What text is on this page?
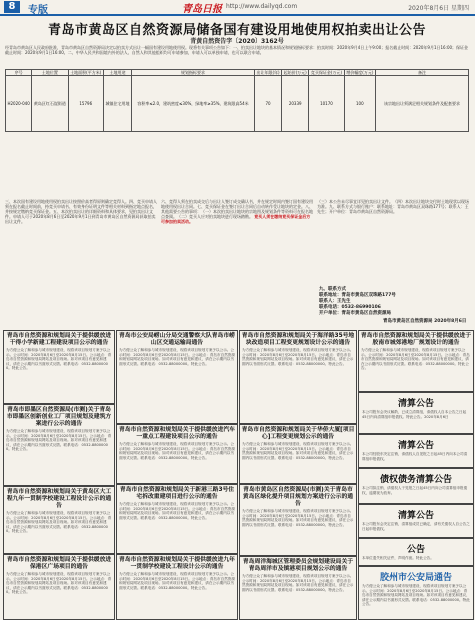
8	专版	青岛日报 http://www.dailyqd.com	2020年8月6日 星期四
青岛市黄岛区自然资源局储备国有建设用地使用权拍卖出让公告
青黄自然资告字〔2020〕3162号
经青岛市黄岛区人民政府批准，青岛市黄岛区自然资源局决定以拍卖方式出让一幅国有建设用地使用权。现将有关事项公告如下：一、拍卖出让地块的基本情况和规划指标要求：拍卖时间：2020年9月4日上午9:00；报名截止时间：2020年9月1日16:00；保证金截止时间：2020年9月1日16:00。二、中华人民共和国境内外的法人、自然人和其他组织均可申请参加，申请人可以单独申请，也可以联合申请。
序号	土地位置	土地面积(平方米)	土地用途	规划指标要求	出让年限(年)	起始价(万元)	竞买保证金(万元)	增价幅度(万元)	备注
H2020-040	黄岛区红石崖街道	15796	城镇住宅用地	容积率≤2.0，建筑密度≤30%，绿地率≥35%，建筑限高54米	70	20339	10170	100	该宗地出让须满足相关规划条件及配套要求
三、本次国有建设用地使用权拍卖出让按照价高者得原则确定竞得人。四、竞买申请人须在报名截止时间前，持竞买申请书、有效身份证明文件等相关材料到指定地点报名，并按规定缴纳竞买保证金。五、本次拍卖出让的详细资料和具体要求，见拍卖出让文件。申请人可于2020年8月6日至2020年9月1日到青岛市黄岛区自然资源局获取拍卖出让文件。
六、竞得人须在拍卖成交后与出让人签订成交确认书，并在规定时间内签订国有建设用地使用权出让合同。七、竞买保证金在签订出让合同后自动转作受让地块的定金。八、其他需要公告的事项：（一）本次拍卖出让地块的宗地图及规划条件等资料可在报名地点查阅。（二）竞买人应对拍卖地块进行现场踏勘。 竞买人须在缴纳竞买保证金后方可参加拍卖活动。
（三）本公告未尽事宜详见拍卖出让文件。（四）本次出让地块交付时土地现状以现场为准。九、联系方式与银行账户：联系地址：青岛市黄岛区双珠路177号；联系人：王先生；开户单位：青岛市黄岛区自然资源局。
九、联系方式
联系地址：青岛市黄岛区双珠路177号
联系人：王先生
联系电话：0532-86990106
开户单位：青岛市黄岛区自然资源局
青岛市黄岛区自然资源局 2020年8月6日
青岛市自然资源和规划局关于提供缓放进干得小学新建工程建设项目公示的通告
为方便公众了解和参与城市规划建设，现将该项目规划方案予以公示。公示时间：2020年8月6日至2020年8月15日。公示地点：青岛市自然资源和规划局网站及项目现场。如对该项目有意见和建议，请在公示期内以书面形式反馈。联系电话：0532-88000000。特此公告。
青岛市即墨区自然资源局(市测)关于青岛市即墨区创新创业工厂项目规划及建筑方案进行公示的通告
为方便公众了解和参与城市规划建设，现将该项目规划方案予以公示。公示时间：2020年8月6日至2020年8月15日。公示地点：青岛市自然资源和规划局网站及项目现场。如对该项目有意见和建议，请在公示期内以书面形式反馈。联系电话：0532-88000000。特此公告。
青岛市自然资源和规划局关于黄岛区大工程九年一贯制学校建设工程设计公示的通告
为方便公众了解和参与城市规划建设，现将该项目规划方案予以公示。公示时间：2020年8月6日至2020年8月15日。公示地点：青岛市自然资源和规划局网站及项目现场。如对该项目有意见和建议，请在公示期内以书面形式反馈。联系电话：0532-88000000。特此公告。
青岛市自然资源和规划局关于提供缓放进保港区广场项目的通告
为方便公众了解和参与城市规划建设，现将该项目规划方案予以公示。公示时间：2020年8月6日至2020年8月15日。公示地点：青岛市自然资源和规划局网站及项目现场。如对该项目有意见和建议，请在公示期内以书面形式反馈。联系电话：0532-88000000。特此公告。
青岛市公安局崂山分局交通警察大队青岛市崂山区交通运输局通告
为方便公众了解和参与城市规划建设，现将该项目规划方案予以公示。公示时间：2020年8月6日至2020年8月15日。公示地点：青岛市自然资源和规划局网站及项目现场。如对该项目有意见和建议，请在公示期内以书面形式反馈。联系电话：0532-88000000。特此公告。
青岛市自然资源和规划局关于提供缓放进汽车一重点工程建设项目公示的通告
为方便公众了解和参与城市规划建设，现将该项目规划方案予以公示。公示时间：2020年8月6日至2020年8月15日。公示地点：青岛市自然资源和规划局网站及项目现场。如对该项目有意见和建议，请在公示期内以书面形式反馈。联系电话：0532-88000000。特此公告。
青岛市自然资源和规划局关于新港三路3号住宅拆改重建项目进行公示的通告
为方便公众了解和参与城市规划建设，现将该项目规划方案予以公示。公示时间：2020年8月6日至2020年8月15日。公示地点：青岛市自然资源和规划局网站及项目现场。如对该项目有意见和建议，请在公示期内以书面形式反馈。联系电话：0532-88000000。特此公告。
青岛市自然资源和规划局关于提供缓放进九年一贯制学校建设工程设计公示的通告
为方便公众了解和参与城市规划建设，现将该项目规划方案予以公示。公示时间：2020年8月6日至2020年8月15日。公示地点：青岛市自然资源和规划局网站及项目现场。如对该项目有意见和建议，请在公示期内以书面形式反馈。联系电话：0532-88000000。特此公告。
青岛市自然资源和规划局关于海洋路35号地块改造项目工程变更规划设计公示的通告
为方便公众了解和参与城市规划建设，现将该项目规划方案予以公示。公示时间：2020年8月6日至2020年8月15日。公示地点：青岛市自然资源和规划局网站及项目现场。如对该项目有意见和建议，请在公示期内以书面形式反馈。联系电话：0532-88000000。特此公告。
青岛市自然资源和规划局关于华侨大厦[项目心]工程变更规划公示的通告
为方便公众了解和参与城市规划建设，现将该项目规划方案予以公示。公示时间：2020年8月6日至2020年8月15日。公示地点：青岛市自然资源和规划局网站及项目现场。如对该项目有意见和建议，请在公示期内以书面形式反馈。联系电话：0532-88000000。特此公告。
青岛市黄岛区自然资源局(市测)关于青岛市黄岛区绿化提升项目规划方案进行公示的通告
为方便公众了解和参与城市规划建设，现将该项目规划方案予以公示。公示时间：2020年8月6日至2020年8月15日。公示地点：青岛市自然资源和规划局网站及项目现场。如对该项目有意见和建议，请在公示期内以书面形式反馈。联系电话：0532-88000000。特此公告。
青岛周洋海城区管理委员会规划建设局关于青岛周洋市及镇港项目规划公示的通告
为方便公众了解和参与城市规划建设，现将该项目规划方案予以公示。公示时间：2020年8月6日至2020年8月15日。公示地点：青岛市自然资源和规划局网站及项目现场。如对该项目有意见和建议，请在公示期内以书面形式反馈。联系电话：0532-88000000。特此公告。
青岛市自然资源和规划局关于提供缓放进于胶南市城郊港地厂规划设计的通告
为方便公众了解和参与城市规划建设，现将该项目规划方案予以公示。公示时间：2020年8月6日至2020年8月15日。公示地点：青岛市自然资源和规划局网站及项目现场。如对该项目有意见和建议，请在公示期内以书面形式反馈。联系电话：0532-88000000。特此公告。
清算公告
本公司股东会决议解散，已成立清算组，请债权人自本公告之日起45日内向清算组申报债权。特此公告。2020年8月6日
清算公告
本公司经股东决定注销，请债权人自见报之日起45日内向本公司清算组申报债权。
债权债务清算公告
本公司拟注销，请债权人于见报之日起45日内向公司清算组申报债权，逾期视为放弃。
清算公告
本公司股东会决定注销，清算组成员已确定，请有关债权人自公告之日起申报债权。
公告
本单位遗失相关证件，声明作废。特此公告。
胶州市公安局通告
为方便公众了解和参与城市规划建设，现将该项目规划方案予以公示。公示时间：2020年8月6日至2020年8月15日。公示地点：青岛市自然资源和规划局网站及项目现场。如对该项目有意见和建议，请在公示期内以书面形式反馈。联系电话：0532-88000000。特此公告。
